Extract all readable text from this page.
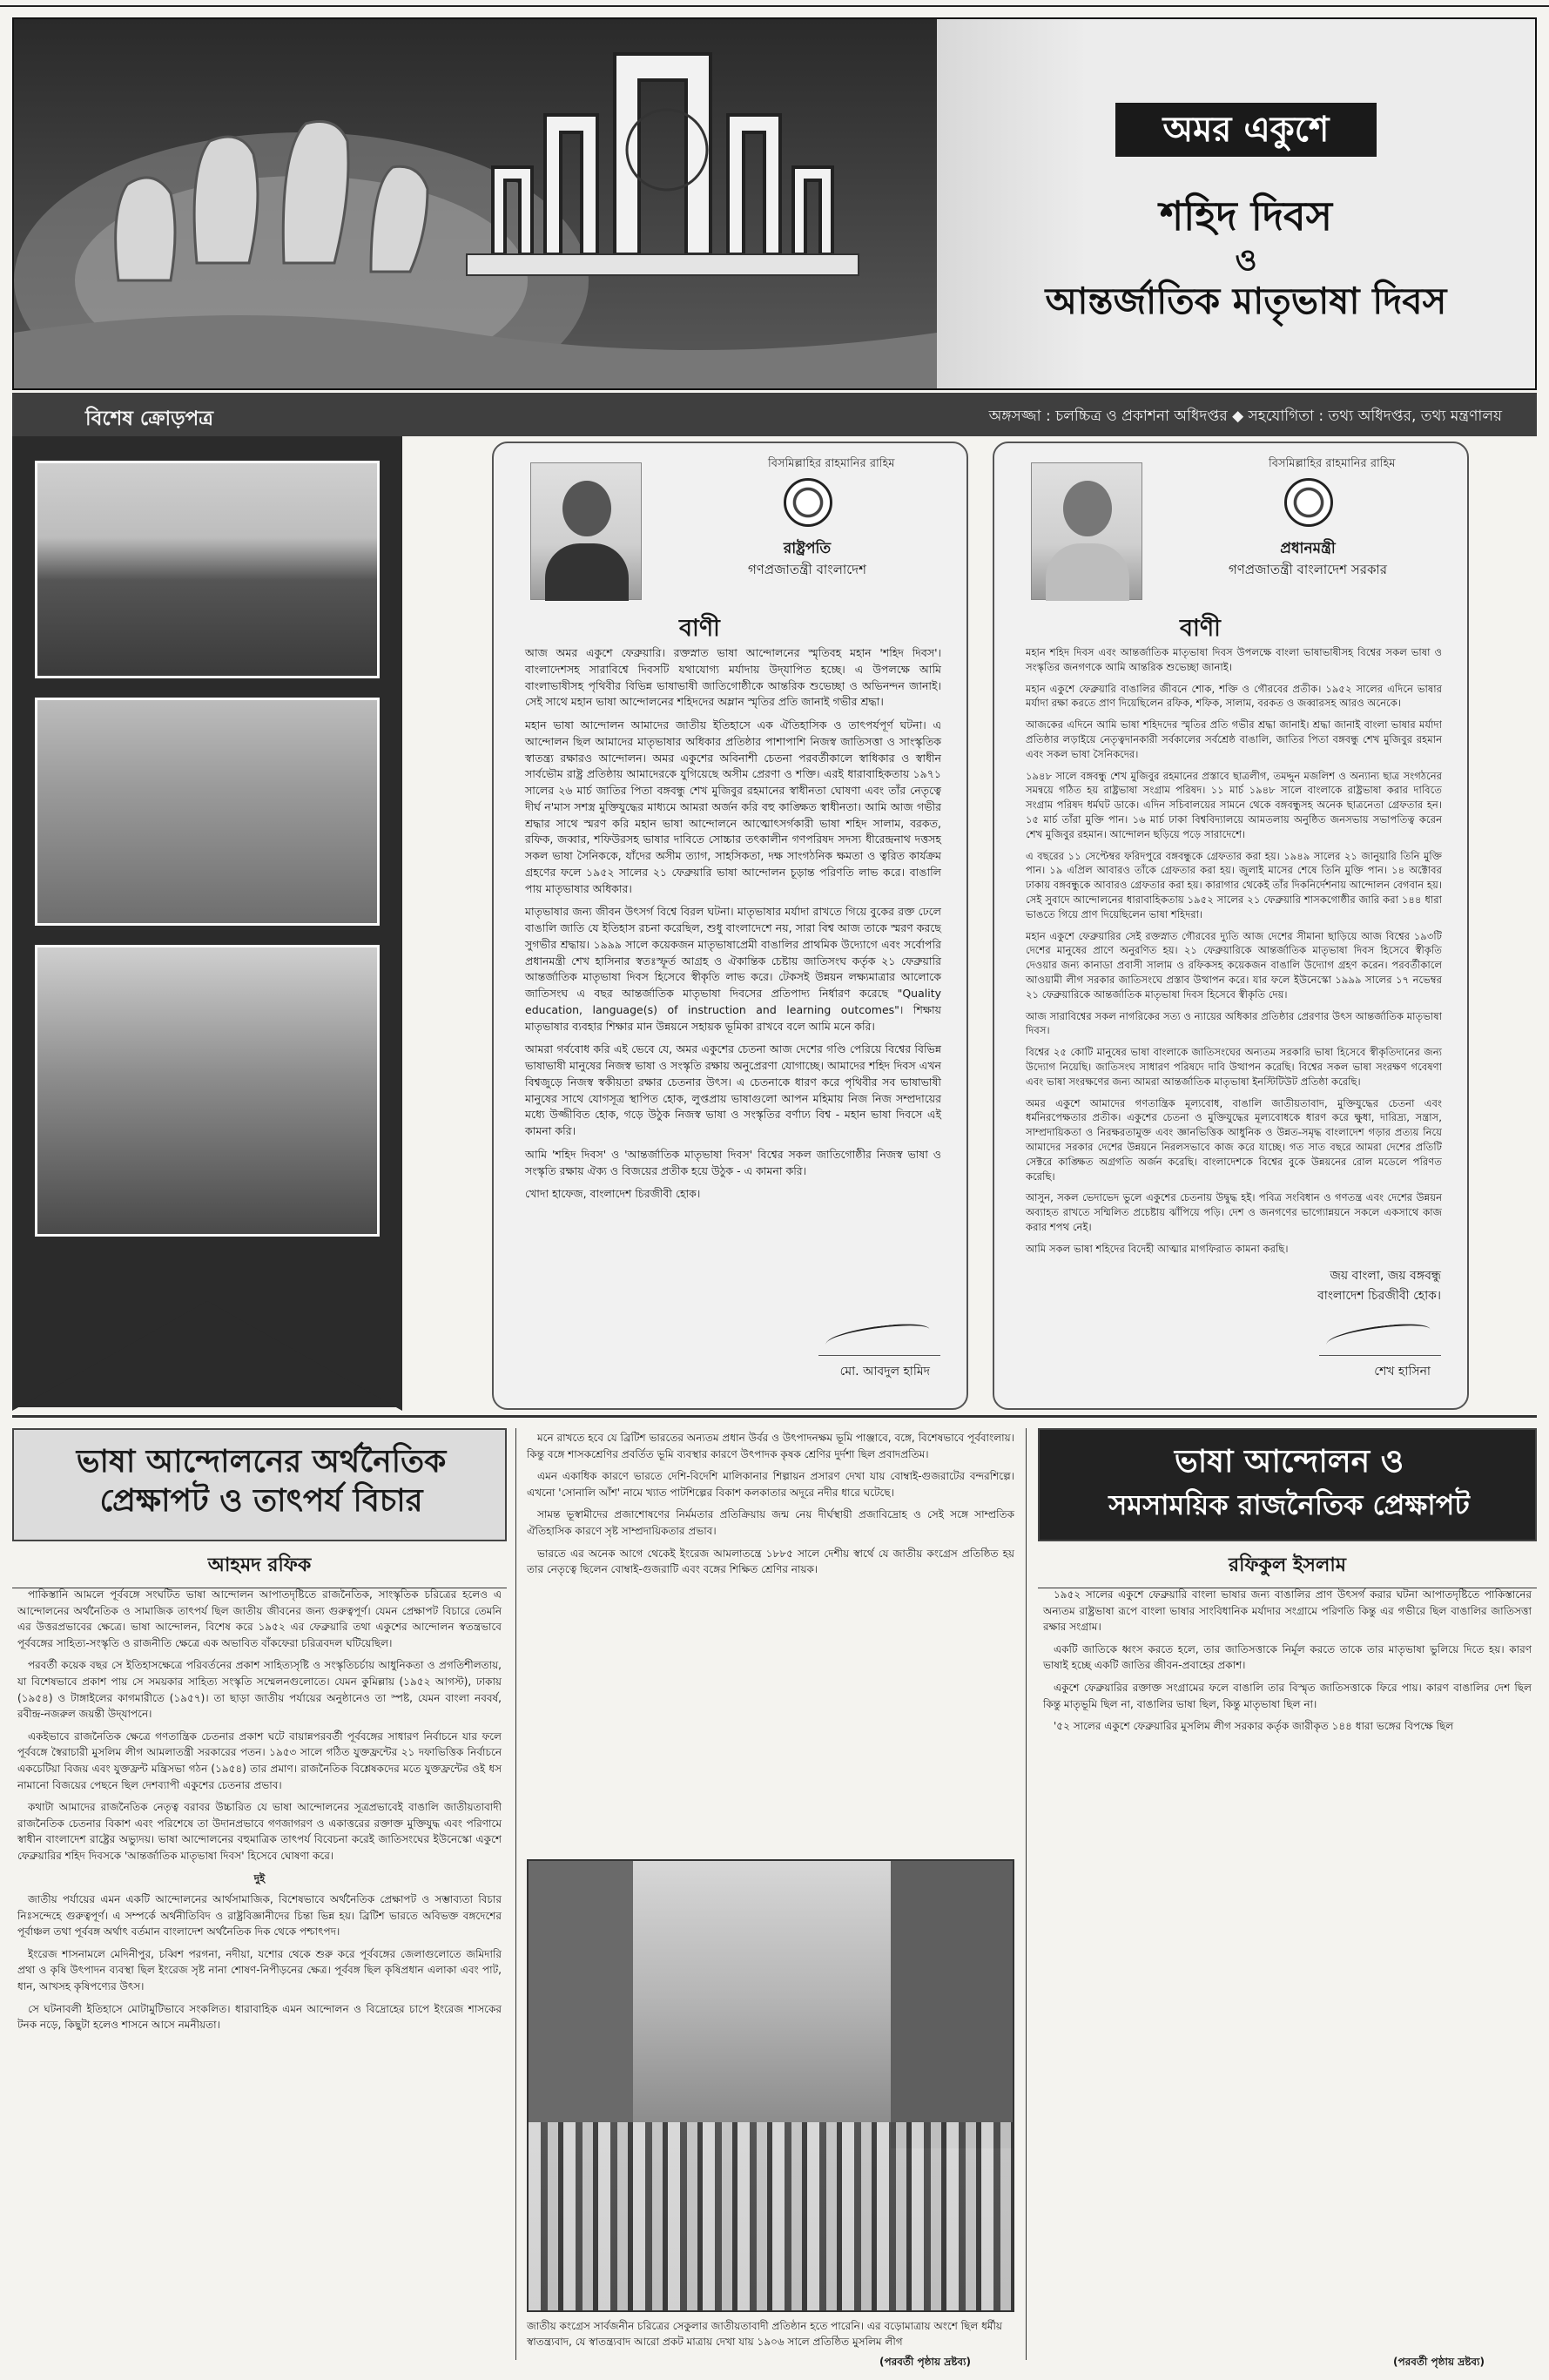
অমর একুশে
শহিদ দিবস
ও
আন্তর্জাতিক মাতৃভাষা দিবস
বিশেষ ক্রোড়পত্র	অঙ্গসজ্জা : চলচ্চিত্র ও প্রকাশনা অধিদপ্তর ◆ সহযোগিতা : তথ্য অধিদপ্তর, তথ্য মন্ত্রণালয়
বিসমিল্লাহির রাহমানির রাহিম
রাষ্ট্রপতি
গণপ্রজাতন্ত্রী বাংলাদেশ
বাণী

আজ অমর একুশে ফেব্রুয়ারি। রক্তস্নাত ভাষা আন্দোলনের স্মৃতিবহ মহান 'শহিদ দিবস'। বাংলাদেশসহ সারাবিশ্বে দিবসটি যথাযোগ্য মর্যাদায় উদ্‌যাপিত হচ্ছে। এ উপলক্ষে আমি বাংলাভাষীসহ পৃথিবীর বিভিন্ন ভাষাভাষী জাতিগোষ্ঠীকে আন্তরিক শুভেচ্ছা ও অভিনন্দন জানাই। সেই সাথে মহান ভাষা আন্দোলনের শহিদদের অম্লান স্মৃতির প্রতি জানাই গভীর শ্রদ্ধা।

মহান ভাষা আন্দোলন আমাদের জাতীয় ইতিহাসে এক ঐতিহাসিক ও তাৎপর্যপূর্ণ ঘটনা। এ আন্দোলন ছিল আমাদের মাতৃভাষার অধিকার প্রতিষ্ঠার পাশাপাশি নিজস্ব জাতিসত্তা ও সাংস্কৃতিক স্বাতন্ত্র্য রক্ষারও আন্দোলন। অমর একুশের অবিনাশী চেতনা পরবর্তীকালে স্বাধিকার ও স্বাধীন সার্বভৌম রাষ্ট্র প্রতিষ্ঠায় আমাদেরকে যুগিয়েছে অসীম প্রেরণা ও শক্তি। এরই ধারাবাহিকতায় ১৯৭১ সালের ২৬ মার্চ জাতির পিতা বঙ্গবন্ধু শেখ মুজিবুর রহমানের স্বাধীনতা ঘোষণা এবং তাঁর নেতৃত্বে দীর্ঘ ন'মাস সশস্ত্র মুক্তিযুদ্ধের মাধ্যমে আমরা অর্জন করি বহু কাঙ্ক্ষিত স্বাধীনতা। আমি আজ গভীর শ্রদ্ধার সাথে স্মরণ করি মহান ভাষা আন্দোলনে আত্মোৎসর্গকারী ভাষা শহিদ সালাম, বরকত, রফিক, জব্বার, শফিউরসহ ভাষার দাবিতে সোচ্চার তৎকালীন গণপরিষদ সদস্য ধীরেন্দ্রনাথ দত্তসহ সকল ভাষা সৈনিককে, যাঁদের অসীম ত্যাগ, সাহসিকতা, দক্ষ সাংগঠনিক ক্ষমতা ও ত্বরিত কার্যক্রম গ্রহণের ফলে ১৯৫২ সালের ২১ ফেব্রুয়ারি ভাষা আন্দোলন চূড়ান্ত পরিণতি লাভ করে। বাঙালি পায় মাতৃভাষার অধিকার।

মাতৃভাষার জন্য জীবন উৎসর্গ বিশ্বে বিরল ঘটনা। মাতৃভাষার মর্যাদা রাখতে গিয়ে বুকের রক্ত ঢেলে বাঙালি জাতি যে ইতিহাস রচনা করেছিল, শুধু বাংলাদেশে নয়, সারা বিশ্ব আজ তাকে স্মরণ করছে সুগভীর শ্রদ্ধায়। ১৯৯৯ সালে কয়েকজন মাতৃভাষাপ্রেমী বাঙালির প্রাথমিক উদ্যোগে এবং সর্বোপরি প্রধানমন্ত্রী শেখ হাসিনার স্বতঃস্ফূর্ত আগ্রহ ও ঐকান্তিক চেষ্টায় জাতিসংঘ কর্তৃক ২১ ফেব্রুয়ারি আন্তর্জাতিক মাতৃভাষা দিবস হিসেবে স্বীকৃতি লাভ করে। টেকসই উন্নয়ন লক্ষ্যমাত্রার আলোকে জাতিসংঘ এ বছর আন্তর্জাতিক মাতৃভাষা দিবসের প্রতিপাদ্য নির্ধারণ করেছে "Quality education, language(s) of instruction and learning outcomes"। শিক্ষায় মাতৃভাষার ব্যবহার শিক্ষার মান উন্নয়নে সহায়ক ভূমিকা রাখবে বলে আমি মনে করি।

আমরা গর্ববোধ করি এই ভেবে যে, অমর একুশের চেতনা আজ দেশের গণ্ডি পেরিয়ে বিশ্বের বিভিন্ন ভাষাভাষী মানুষের নিজস্ব ভাষা ও সংস্কৃতি রক্ষায় অনুপ্রেরণা যোগাচ্ছে। আমাদের শহিদ দিবস এখন বিশ্বজুড়ে নিজস্ব স্বকীয়তা রক্ষার চেতনার উৎস। এ চেতনাকে ধারণ করে পৃথিবীর সব ভাষাভাষী মানুষের সাথে যোগসূত্র স্থাপিত হোক, লুপ্তপ্রায় ভাষাগুলো আপন মহিমায় নিজ নিজ সম্প্রদায়ের মধ্যে উজ্জীবিত হোক, গড়ে উঠুক নিজস্ব ভাষা ও সংস্কৃতির বর্ণাঢ্য বিশ্ব - মহান ভাষা দিবসে এই কামনা করি।

আমি 'শহিদ দিবস' ও 'আন্তর্জাতিক মাতৃভাষা দিবস' বিশ্বের সকল জাতিগোষ্ঠীর নিজস্ব ভাষা ও সংস্কৃতি রক্ষায় ঐক্য ও বিজয়ের প্রতীক হয়ে উঠুক - এ কামনা করি।

খোদা হাফেজ, বাংলাদেশ চিরজীবী হোক।

মো. আবদুল হামিদ
বিসমিল্লাহির রাহমানির রাহিম
প্রধানমন্ত্রী
গণপ্রজাতন্ত্রী বাংলাদেশ সরকার
বাণী

মহান শহিদ দিবস এবং আন্তর্জাতিক মাতৃভাষা দিবস উপলক্ষে বাংলা ভাষাভাষীসহ বিশ্বের সকল ভাষা ও সংস্কৃতির জনগণকে আমি আন্তরিক শুভেচ্ছা জানাই।

মহান একুশে ফেব্রুয়ারি বাঙালির জীবনে শোক, শক্তি ও গৌরবের প্রতীক। ১৯৫২ সালের এদিনে ভাষার মর্যাদা রক্ষা করতে প্রাণ দিয়েছিলেন রফিক, শফিক, সালাম, বরকত ও জব্বারসহ আরও অনেকে।

আজকের এদিনে আমি ভাষা শহিদদের স্মৃতির প্রতি গভীর শ্রদ্ধা জানাই। শ্রদ্ধা জানাই বাংলা ভাষার মর্যাদা প্রতিষ্ঠার লড়াইয়ে নেতৃত্বদানকারী সর্বকালের সর্বশ্রেষ্ঠ বাঙালি, জাতির পিতা বঙ্গবন্ধু শেখ মুজিবুর রহমান এবং সকল ভাষা সৈনিকদের।

১৯৪৮ সালে বঙ্গবন্ধু শেখ মুজিবুর রহমানের প্রস্তাবে ছাত্রলীগ, তমদ্দুন মজলিশ ও অন্যান্য ছাত্র সংগঠনের সমন্বয়ে গঠিত হয় রাষ্ট্রভাষা সংগ্রাম পরিষদ। ১১ মার্চ ১৯৪৮ সালে বাংলাকে রাষ্ট্রভাষা করার দাবিতে সংগ্রাম পরিষদ ধর্মঘট ডাকে। এদিন সচিবালয়ের সামনে থেকে বঙ্গবন্ধুসহ অনেক ছাত্রনেতা গ্রেফতার হন। ১৫ মার্চ তাঁরা মুক্তি পান। ১৬ মার্চ ঢাকা বিশ্ববিদ্যালয়ে আমতলায় অনুষ্ঠিত জনসভায় সভাপতিত্ব করেন শেখ মুজিবুর রহমান। আন্দোলন ছড়িয়ে পড়ে সারাদেশে।

এ বছরের ১১ সেপ্টেম্বর ফরিদপুরে বঙ্গবন্ধুকে গ্রেফতার করা হয়। ১৯৪৯ সালের ২১ জানুয়ারি তিনি মুক্তি পান। ১৯ এপ্রিল আবারও তাঁকে গ্রেফতার করা হয়। জুলাই মাসের শেষে তিনি মুক্তি পান। ১৪ অক্টোবর ঢাকায় বঙ্গবন্ধুকে আবারও গ্রেফতার করা হয়। কারাগার থেকেই তাঁর দিকনির্দেশনায় আন্দোলন বেগবান হয়। সেই সুবাদে আন্দোলনের ধারাবাহিকতায় ১৯৫২ সালের ২১ ফেব্রুয়ারি শাসকগোষ্ঠীর জারি করা ১৪৪ ধারা ভাঙতে গিয়ে প্রাণ দিয়েছিলেন ভাষা শহিদরা।

মহান একুশে ফেব্রুয়ারির সেই রক্তস্নাত গৌরবের দ্যুতি আজ দেশের সীমানা ছাড়িয়ে আজ বিশ্বের ১৯৩টি দেশের মানুষের প্রাণে অনুরণিত হয়। ২১ ফেব্রুয়ারিকে আন্তর্জাতিক মাতৃভাষা দিবস হিসেবে স্বীকৃতি দেওয়ার জন্য কানাডা প্রবাসী সালাম ও রফিকসহ কয়েকজন বাঙালি উদ্যোগ গ্রহণ করেন। পরবর্তীকালে আওয়ামী লীগ সরকার জাতিসংঘে প্রস্তাব উত্থাপন করে। যার ফলে ইউনেস্কো ১৯৯৯ সালের ১৭ নভেম্বর ২১ ফেব্রুয়ারিকে আন্তর্জাতিক মাতৃভাষা দিবস হিসেবে স্বীকৃতি দেয়।

আজ সারাবিশ্বের সকল নাগরিকের সত্য ও ন্যায়ের অধিকার প্রতিষ্ঠার প্রেরণার উৎস আন্তর্জাতিক মাতৃভাষা দিবস।

বিশ্বের ২৫ কোটি মানুষের ভাষা বাংলাকে জাতিসংঘের অন্যতম সরকারি ভাষা হিসেবে স্বীকৃতিদানের জন্য উদ্যোগ নিয়েছি। জাতিসংঘ সাধারণ পরিষদে দাবি উত্থাপন করেছি। বিশ্বের সকল ভাষা সংরক্ষণ গবেষণা এবং ভাষা সংরক্ষণের জন্য আমরা আন্তর্জাতিক মাতৃভাষা ইনস্টিটিউট প্রতিষ্ঠা করেছি।

অমর একুশে আমাদের গণতান্ত্রিক মূল্যবোধ, বাঙালি জাতীয়তাবাদ, মুক্তিযুদ্ধের চেতনা এবং ধর্মনিরপেক্ষতার প্রতীক। একুশের চেতনা ও মুক্তিযুদ্ধের মূল্যবোধকে ধারণ করে ক্ষুধা, দারিদ্র্য, সন্ত্রাস, সাম্প্রদায়িকতা ও নিরক্ষরতামুক্ত এবং জ্ঞানভিত্তিক আধুনিক ও উন্নত-সমৃদ্ধ বাংলাদেশ গড়ার প্রত্যয় নিয়ে আমাদের সরকার দেশের উন্নয়নে নিরলসভাবে কাজ করে যাচ্ছে। গত সাত বছরে আমরা দেশের প্রতিটি সেক্টরে কাঙ্ক্ষিত অগ্রগতি অর্জন করেছি। বাংলাদেশকে বিশ্বের বুকে উন্নয়নের রোল মডেলে পরিণত করেছি।

আসুন, সকল ভেদাভেদ ভুলে একুশের চেতনায় উদ্বুদ্ধ হই। পবিত্র সংবিধান ও গণতন্ত্র এবং দেশের উন্নয়ন অব্যাহত রাখতে সম্মিলিত প্রচেষ্টায় ঝাঁপিয়ে পড়ি। দেশ ও জনগণের ভাগ্যোন্নয়নে সকলে একসাথে কাজ করার শপথ নেই।

আমি সকল ভাষা শহিদের বিদেহী আত্মার মাগফিরাত কামনা করছি।

জয় বাংলা, জয় বঙ্গবন্ধু
বাংলাদেশ চিরজীবী হোক।
শেখ হাসিনা
ভাষা আন্দোলনের অর্থনৈতিক প্রেক্ষাপট ও তাৎপর্য বিচার
আহমদ রফিক

পাকিস্তানি আমলে পূর্ববঙ্গে সংঘটিত ভাষা আন্দোলন আপাতদৃষ্টিতে রাজনৈতিক, সাংস্কৃতিক চরিত্রের হলেও এ আন্দোলনের অর্থনৈতিক ও সামাজিক তাৎপর্য ছিল জাতীয় জীবনের জন্য গুরুত্বপূর্ণ। যেমন প্রেক্ষাপট বিচারে তেমনি এর উত্তরপ্রভাবের ক্ষেত্রে। ভাষা আন্দোলন, বিশেষ করে ১৯৫২ এর ফেব্রুয়ারি তথা একুশের আন্দোলন স্বতন্ত্রভাবে পূর্ববঙ্গের সাহিত্য-সংস্কৃতি ও রাজনীতি ক্ষেত্রে এক অভাবিত বাঁকফেরা চরিত্রবদল ঘটিয়েছিল।

পরবর্তী কয়েক বছর সে ইতিহাসক্ষেত্রে পরিবর্তনের প্রকাশ সাহিত্যসৃষ্টি ও সংস্কৃতিচর্চায় আধুনিকতা ও প্রগতিশীলতায়, যা বিশেষভাবে প্রকাশ পায় সে সময়কার সাহিত্য সংস্কৃতি সম্মেলনগুলোতে। যেমন কুমিল্লায় (১৯৫২ আগস্ট), ঢাকায় (১৯৫৪) ও টাঙ্গাইলের কাগমারীতে (১৯৫৭)। তা ছাড়া জাতীয় পর্যায়ের অনুষ্ঠানেও তা স্পষ্ট, যেমন বাংলা নববর্ষ, রবীন্দ্র-নজরুল জয়ন্তী উদ্‌যাপনে।

একইভাবে রাজনৈতিক ক্ষেত্রে গণতান্ত্রিক চেতনার প্রকাশ ঘটে বায়ান্নপরবর্তী পূর্ববঙ্গের সাধারণ নির্বাচনে যার ফলে পূর্ববঙ্গে স্বৈরাচারী মুসলিম লীগ আমলাতন্ত্রী সরকারের পতন। ১৯৫৩ সালে গঠিত যুক্তফ্রন্টের ২১ দফাভিত্তিক নির্বাচনে একচেটিয়া বিজয় এবং যুক্তফ্রন্ট মন্ত্রিসভা গঠন (১৯৫৪) তার প্রমাণ। রাজনৈতিক বিশ্লেষকদের মতে যুক্তফ্রন্টের ওই ধস নামানো বিজয়ের পেছনে ছিল দেশব্যাপী একুশের চেতনার প্রভাব।

কথাটা আমাদের রাজনৈতিক নেতৃত্ব বরাবর উচ্চারিত যে ভাষা আন্দোলনের সূত্রপ্রভাবেই বাঙালি জাতীয়তাবাদী রাজনৈতিক চেতনার বিকাশ এবং পরিশেষে তা উদানপ্রভাবে গণজাগরণ ও একাত্তরের রক্তাক্ত মুক্তিযুদ্ধ এবং পরিণামে স্বাধীন বাংলাদেশ রাষ্ট্রের অভ্যুদয়। ভাষা আন্দোলনের বহুমাত্রিক তাৎপর্য বিবেচনা করেই জাতিসংঘের ইউনেস্কো একুশে ফেব্রুয়ারির শহিদ দিবসকে 'আন্তর্জাতিক মাতৃভাষা দিবস' হিসেবে ঘোষণা করে।

দুই

জাতীয় পর্যায়ের এমন একটি আন্দোলনের আর্থসামাজিক, বিশেষভাবে অর্থনৈতিক প্রেক্ষাপট ও সম্ভাব্যতা বিচার নিঃসন্দেহে গুরুত্বপূর্ণ। এ সম্পর্কে অর্থনীতিবিদ ও রাষ্ট্রবিজ্ঞানীদের চিন্তা ভিন্ন হয়। ব্রিটিশ ভারতে অবিভক্ত বঙ্গদেশের পূর্বাঞ্চল তথা পূর্ববঙ্গ অর্থাৎ বর্তমান বাংলাদেশ অর্থনৈতিক দিক থেকে পশ্চাৎপদ।

ইংরেজ শাসনামলে মেদিনীপুর, চব্বিশ পরগনা, নদীয়া, যশোর থেকে শুরু করে পূর্ববঙ্গের জেলাগুলোতে জমিদারি প্রথা ও কৃষি উৎপাদন ব্যবস্থা ছিল ইংরেজ সৃষ্ট নানা শোষণ-নিপীড়নের ক্ষেত্র। পূর্ববঙ্গ ছিল কৃষিপ্রধান এলাকা এবং পাট, ধান, আখসহ কৃষিপণ্যের উৎস।

সে ঘটনাবলী ইতিহাসে মোটামুটিভাবে সংকলিত। ধারাবাহিক এমন আন্দোলন ও বিদ্রোহের চাপে ইংরেজ শাসকের টনক নড়ে, কিছুটা হলেও শাসনে আসে নমনীয়তা।

মনে রাখতে হবে যে ব্রিটিশ ভারতের অন্যতম প্রধান উর্বর ও উৎপাদনক্ষম ভূমি পাঞ্জাবে, বঙ্গে, বিশেষভাবে পূর্ববাংলায়। কিন্তু বঙ্গে শাসকশ্রেণির প্রবর্তিত ভূমি ব্যবস্থার কারণে উৎপাদক কৃষক শ্রেণির দুর্দশা ছিল প্রবাদপ্রতিম।

এমন একাধিক কারণে ভারতে দেশি-বিদেশি মালিকানার শিল্পায়ন প্রসারণ দেখা যায় বোম্বাই-গুজরাটের বন্দরশিল্পে। এখনো 'সোনালি আঁশ' নামে খ্যাত পাটশিল্পের বিকাশ কলকাতার অদূরে নদীর ধারে ঘটেছে।

সামন্ত ভূস্বামীদের প্রজাশোষণের নির্মমতার প্রতিক্রিয়ায় জন্ম নেয় দীর্ঘস্থায়ী প্রজাবিদ্রোহ ও সেই সঙ্গে সাম্প্রতিক ঐতিহাসিক কারণে সৃষ্ট সাম্প্রদায়িকতার প্রভাব।

ভারতে এর অনেক আগে থেকেই ইংরেজ আমলাতন্ত্রে ১৮৮৫ সালে দেশীয় স্বার্থে যে জাতীয় কংগ্রেস প্রতিষ্ঠিত হয় তার নেতৃত্বে ছিলেন বোম্বাই-গুজরাটি এবং বঙ্গের শিক্ষিত শ্রেণির নায়ক।

জাতীয় কংগ্রেস সার্বজনীন চরিত্রের সেকুলার জাতীয়তাবাদী প্রতিষ্ঠান হতে পারেনি। এর বড়োমাত্রায় অংশে ছিল ধর্মীয় স্বাতন্ত্র্যবাদ, যে স্বাতন্ত্র্যবাদ আরো প্রকট মাত্রায় দেখা যায় ১৯০৬ সালে প্রতিষ্ঠিত মুসলিম লীগ
(পরবর্তী পৃষ্ঠায় দ্রষ্টব্য)
ভাষা আন্দোলন ও
সমসাময়িক রাজনৈতিক প্রেক্ষাপট
রফিকুল ইসলাম

১৯৫২ সালের একুশে ফেব্রুয়ারি বাংলা ভাষার জন্য বাঙালির প্রাণ উৎসর্গ করার ঘটনা আপাতদৃষ্টিতে পাকিস্তানের অন্যতম রাষ্ট্রভাষা রূপে বাংলা ভাষার সাংবিধানিক মর্যাদার সংগ্রামে পরিণতি কিন্তু এর গভীরে ছিল বাঙালির জাতিসত্তা রক্ষার সংগ্রাম।

একটি জাতিকে ধ্বংস করতে হলে, তার জাতিসত্তাকে নির্মূল করতে তাকে তার মাতৃভাষা ভুলিয়ে দিতে হয়। কারণ ভাষাই হচ্ছে একটি জাতির জীবন-প্রবাহের প্রকাশ।

একুশে ফেব্রুয়ারির রক্তাক্ত সংগ্রামের ফলে বাঙালি তার বিস্মৃত জাতিসত্তাকে ফিরে পায়। কারণ বাঙালির দেশ ছিল কিন্তু মাতৃভূমি ছিল না, বাঙালির ভাষা ছিল, কিন্তু মাতৃভাষা ছিল না।

'৫২ সালের একুশে ফেব্রুয়ারির মুসলিম লীগ সরকার কর্তৃক জারীকৃত ১৪৪ ধারা ভঙ্গের বিপক্ষে ছিল

(পরবর্তী পৃষ্ঠায় দ্রষ্টব্য)
